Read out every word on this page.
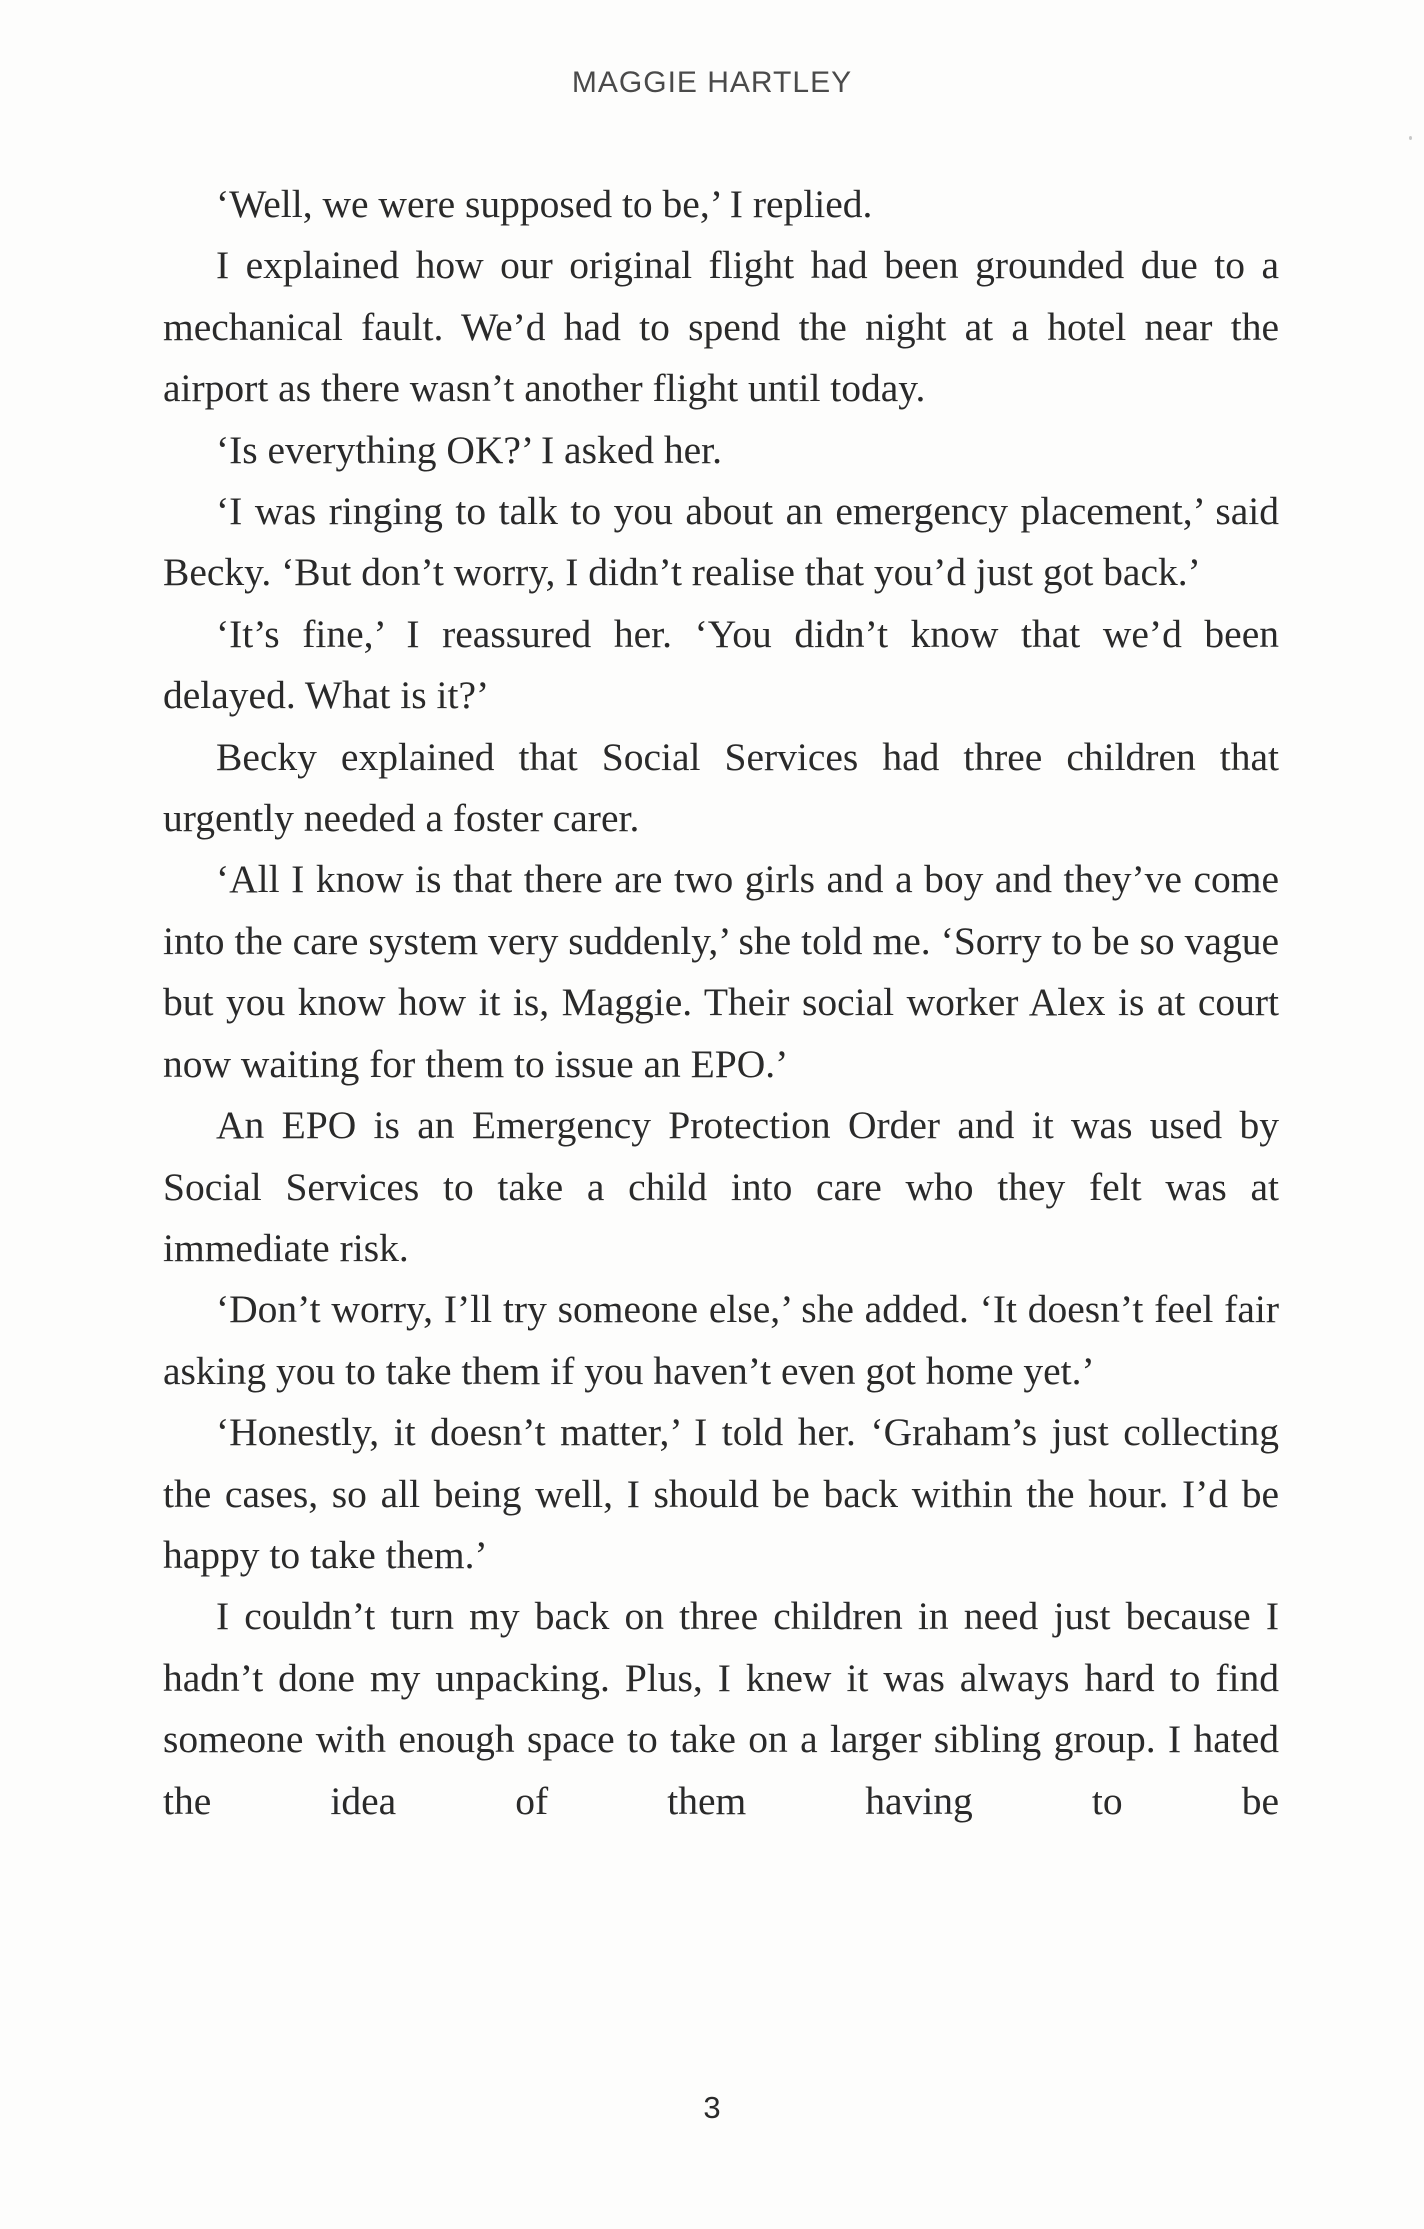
MAGGIE HARTLEY

‘Well, we were supposed to be,’ I replied.

I explained how our original flight had been grounded due to a mechanical fault. We’d had to spend the night at a hotel near the airport as there wasn’t another flight until today.

‘Is everything OK?’ I asked her.

‘I was ringing to talk to you about an emergency placement,’ said Becky. ‘But don’t worry, I didn’t realise that you’d just got back.’

‘It’s fine,’ I reassured her. ‘You didn’t know that we’d been delayed. What is it?’

Becky explained that Social Services had three children that urgently needed a foster carer.

‘All I know is that there are two girls and a boy and they’ve come into the care system very suddenly,’ she told me. ‘Sorry to be so vague but you know how it is, Maggie. Their social worker Alex is at court now waiting for them to issue an EPO.’

An EPO is an Emergency Protection Order and it was used by Social Services to take a child into care who they felt was at immediate risk.

‘Don’t worry, I’ll try someone else,’ she added. ‘It doesn’t feel fair asking you to take them if you haven’t even got home yet.’

‘Honestly, it doesn’t matter,’ I told her. ‘Graham’s just collecting the cases, so all being well, I should be back within the hour. I’d be happy to take them.’

I couldn’t turn my back on three children in need just because I hadn’t done my unpacking. Plus, I knew it was always hard to find someone with enough space to take on a larger sibling group. I hated the idea of them having to be

3
